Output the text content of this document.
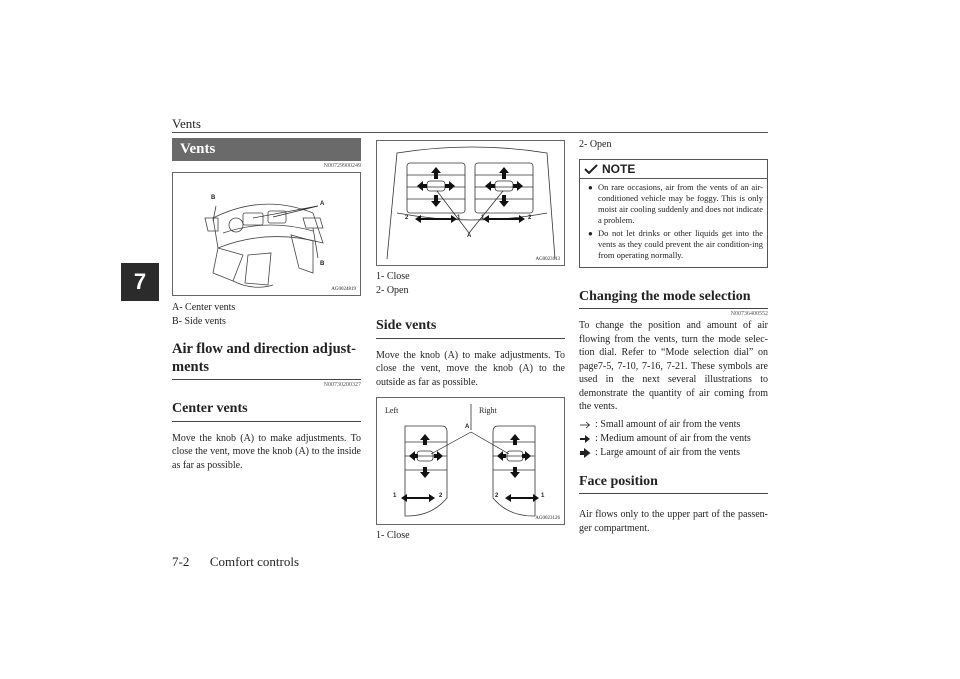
Vents
7
Vents
N00729900249
B
A
B
AG0024819
A- Center vents
B- Side vents
Air flow and direction adjust-ments
N00730200327
Center vents
Move the knob (A) to make adjustments. To close the vent, move the knob (A) to the inside as far as possible.
2	1	1	2
A
AG0023113
1- Close
2- Open
Side vents
Move the knob (A) to make adjustments. To close the vent, move the knob (A) to the outside as far as possible.
Left	Right
A
1	2	2	1
AG0023126
1- Close
2- Open
NOTE
● On rare occasions, air from the vents of an air-conditioned vehicle may be foggy. This is only moist air cooling suddenly and does not indicate a problem.
● Do not let drinks or other liquids get into the vents as they could prevent the air condition-ing from operating normally.
Changing the mode selection
N00736400552
To change the position and amount of air flowing from the vents, turn the mode selec-tion dial. Refer to “Mode selection dial” on page7-5, 7-10, 7-16, 7-21. These symbols are used in the next several illustrations to demonstrate the quantity of air coming from the vents.
: Small amount of air from the vents
: Medium amount of air from the vents
: Large amount of air from the vents
Face position
Air flows only to the upper part of the passen-ger compartment.
7-2 Comfort controls
